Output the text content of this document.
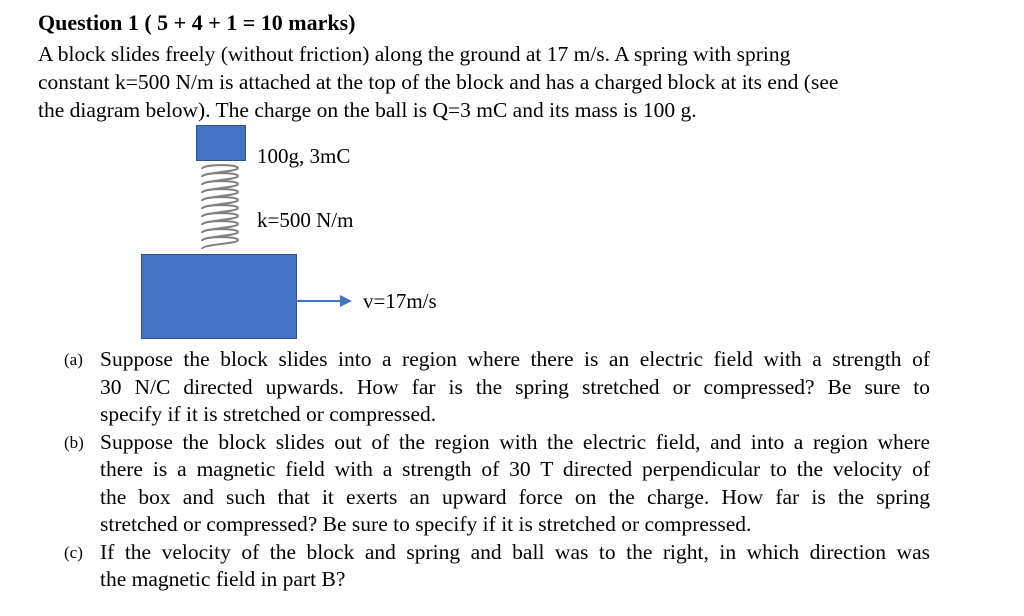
Question 1 ( 5 + 4 + 1 = 10 marks)
A block slides freely (without friction) along the ground at 17 m/s. A spring with spring
constant k=500 N/m is attached at the top of the block and has a charged block at its end (see
the diagram below). The charge on the ball is Q=3 mC and its mass is 100 g.
100g, 3mC
k=500 N/m
v=17m/s
(a) Suppose the block slides into a region where there is an electric field with a strength of
30 N/C directed upwards. How far is the spring stretched or compressed? Be sure to
specify if it is stretched or compressed.
(b) Suppose the block slides out of the region with the electric field, and into a region where
there is a magnetic field with a strength of 30 T directed perpendicular to the velocity of
the box and such that it exerts an upward force on the charge. How far is the spring
stretched or compressed? Be sure to specify if it is stretched or compressed.
(c) If the velocity of the block and spring and ball was to the right, in which direction was
the magnetic field in part B?
